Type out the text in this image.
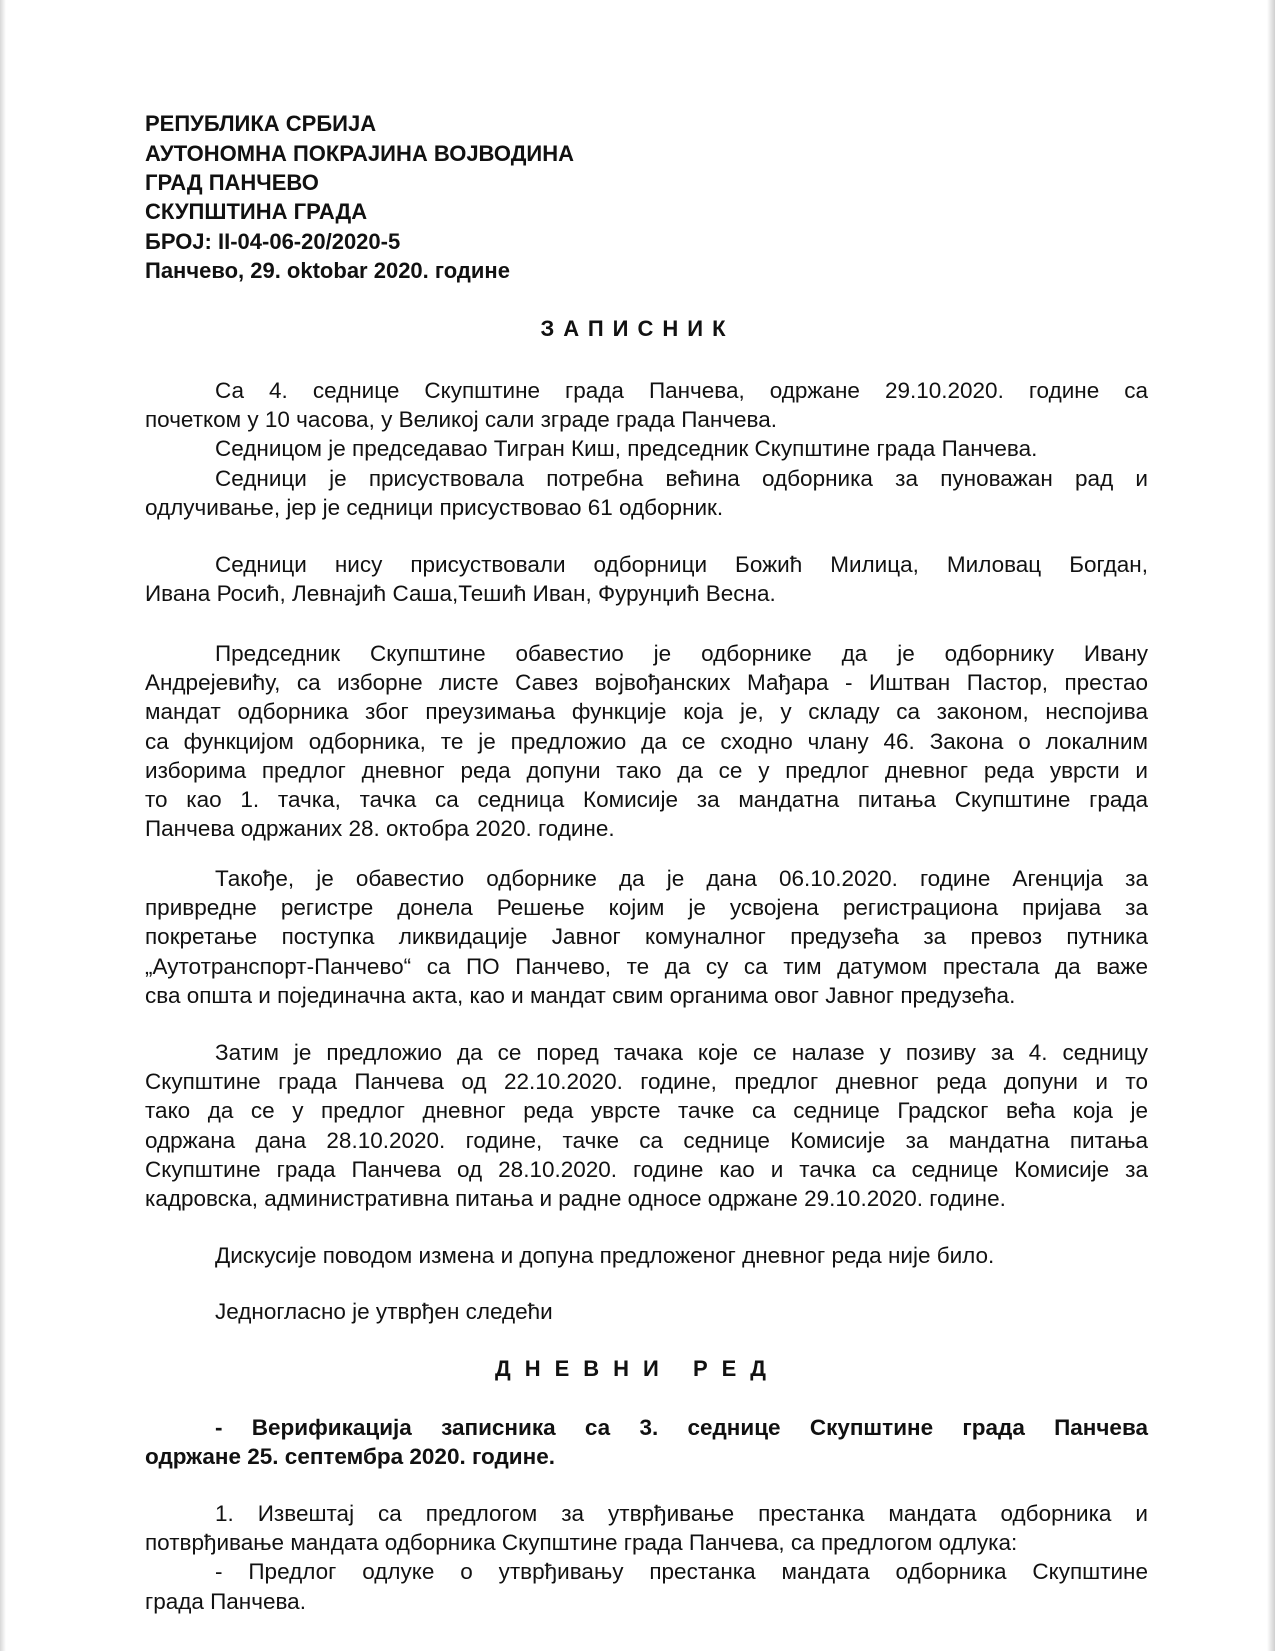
РЕПУБЛИКА СРБИЈА
АУТОНОМНА ПОКРАЈИНА ВОЈВОДИНА
ГРАД ПАНЧЕВО
СКУПШТИНА ГРАДА
БРОЈ: II-04-06-20/2020-5
Панчево, 29. oktobar 2020. године
ЗАПИСНИК
Са 4. седнице Скупштине града Панчева, одржане 29.10.2020. године са
почетком у 10 часова, у Великој сали зграде града Панчева.
Седницом је председавао Тигран Киш, председник Скупштине града Панчева.
Седници је присуствовала потребна већина одборника за пуноважан рад и
одлучивање, јер је седници присуствовао 61 одборник.
Седници нису присуствовали одборници Божић Милица, Миловац Богдан,
Ивана Росић, Левнајић Саша,Тешић Иван, Фурунџић Весна.
Председник Скупштине обавестио је одборнике да је одборнику Ивану
Андрејевићу, са изборне листе Савез војвођанских Мађара - Иштван Пастор, престао
мандат одборника због преузимања функције која је, у складу са законом, неспојива
са функцијом одборника, те је предложио да се сходно члану 46. Закона о локалним
изборима предлог дневног реда допуни тако да се у предлог дневног реда уврсти и
то као 1. тачка, тачка са седница Комисије за мандатна питања Скупштине града
Панчева одржаних 28. октобра 2020. године.
Такође, је обавестио одборнике да је дана 06.10.2020. године Агенција за
привредне регистре донела Решење којим је усвојена регистрациона пријава за
покретање поступка ликвидације Јавног комуналног предузећа за превоз путника
„Аутотранспорт-Панчево“ са ПО Панчево, те да су са тим датумом престала да важе
сва општа и појединачна акта, као и мандат свим органима овог Јавног предузећа.
Затим је предложио да се поред тачака које се налазе у позиву за 4. седницу
Скупштине града Панчева од 22.10.2020. године, предлог дневног реда допуни и то
тако да се у предлог дневног реда уврсте тачке са седнице Градског већа која је
одржана дана 28.10.2020. године, тачке са седнице Комисије за мандатна питања
Скупштине града Панчева од 28.10.2020. године као и тачка са седнице Комисије за
кадровска, административна питања и радне односе одржане 29.10.2020. године.
Дискусије поводом измена и допуна предложеног дневног реда није било.
Једногласно је утврђен следећи
ДНЕВНИ РЕД
- Верификација записника са 3. седнице Скупштине града Панчева
одржане 25. септембра 2020. године.
1. Извештај са предлогом за утврђивање престанка мандата одборника и
потврђивање мандата одборника Скупштине града Панчева, са предлогом одлука:
- Предлог одлуке о утврђивању престанка мандата одборника Скупштине
града Панчева.
